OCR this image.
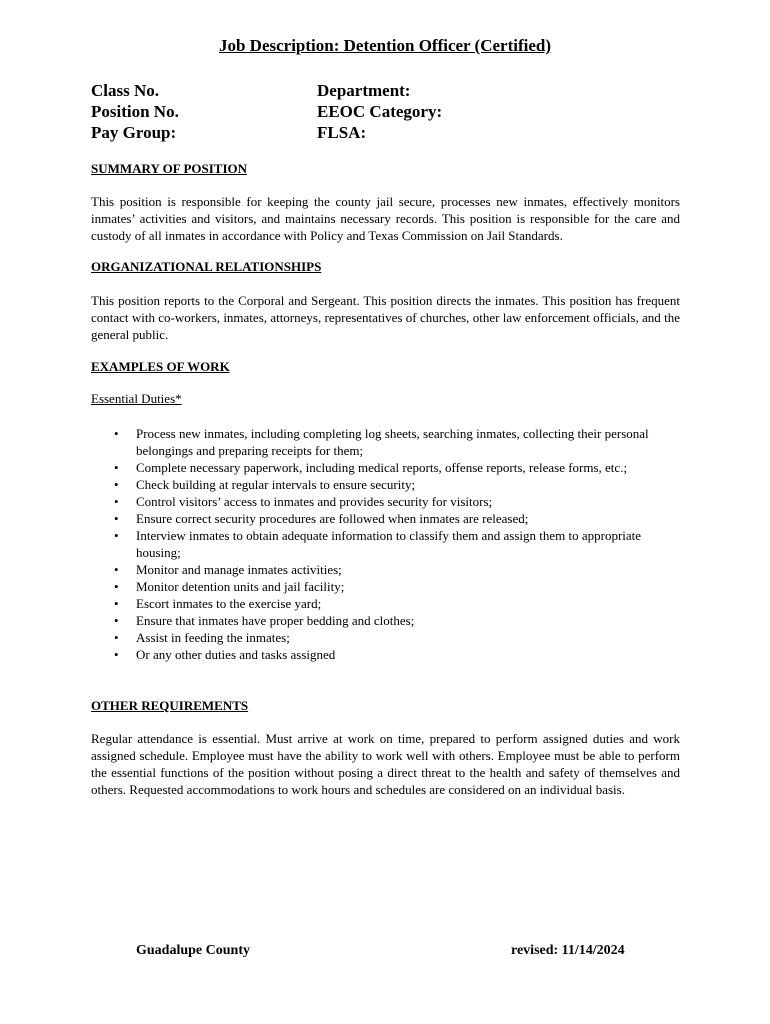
Job Description: Detention Officer (Certified)
Class No.
Position No.
Pay Group:
Department:
EEOC Category:
FLSA:
SUMMARY OF POSITION
This position is responsible for keeping the county jail secure, processes new inmates, effectively monitors inmates’ activities and visitors, and maintains necessary records. This position is responsible for the care and custody of all inmates in accordance with Policy and Texas Commission on Jail Standards.
ORGANIZATIONAL RELATIONSHIPS
This position reports to the Corporal and Sergeant. This position directs the inmates. This position has frequent contact with co-workers, inmates, attorneys, representatives of churches, other law enforcement officials, and the general public.
EXAMPLES OF WORK
Essential Duties*
• Process new inmates, including completing log sheets, searching inmates, collecting their personal belongings and preparing receipts for them;
• Complete necessary paperwork, including medical reports, offense reports, release forms, etc.;
• Check building at regular intervals to ensure security;
• Control visitors’ access to inmates and provides security for visitors;
• Ensure correct security procedures are followed when inmates are released;
• Interview inmates to obtain adequate information to classify them and assign them to appropriate housing;
• Monitor and manage inmates activities;
• Monitor detention units and jail facility;
• Escort inmates to the exercise yard;
• Ensure that inmates have proper bedding and clothes;
• Assist in feeding the inmates;
• Or any other duties and tasks assigned
OTHER REQUIREMENTS
Regular attendance is essential. Must arrive at work on time, prepared to perform assigned duties and work assigned schedule. Employee must have the ability to work well with others. Employee must be able to perform the essential functions of the position without posing a direct threat to the health and safety of themselves and others. Requested accommodations to work hours and schedules are considered on an individual basis.
Guadalupe County	revised: 11/14/2024
